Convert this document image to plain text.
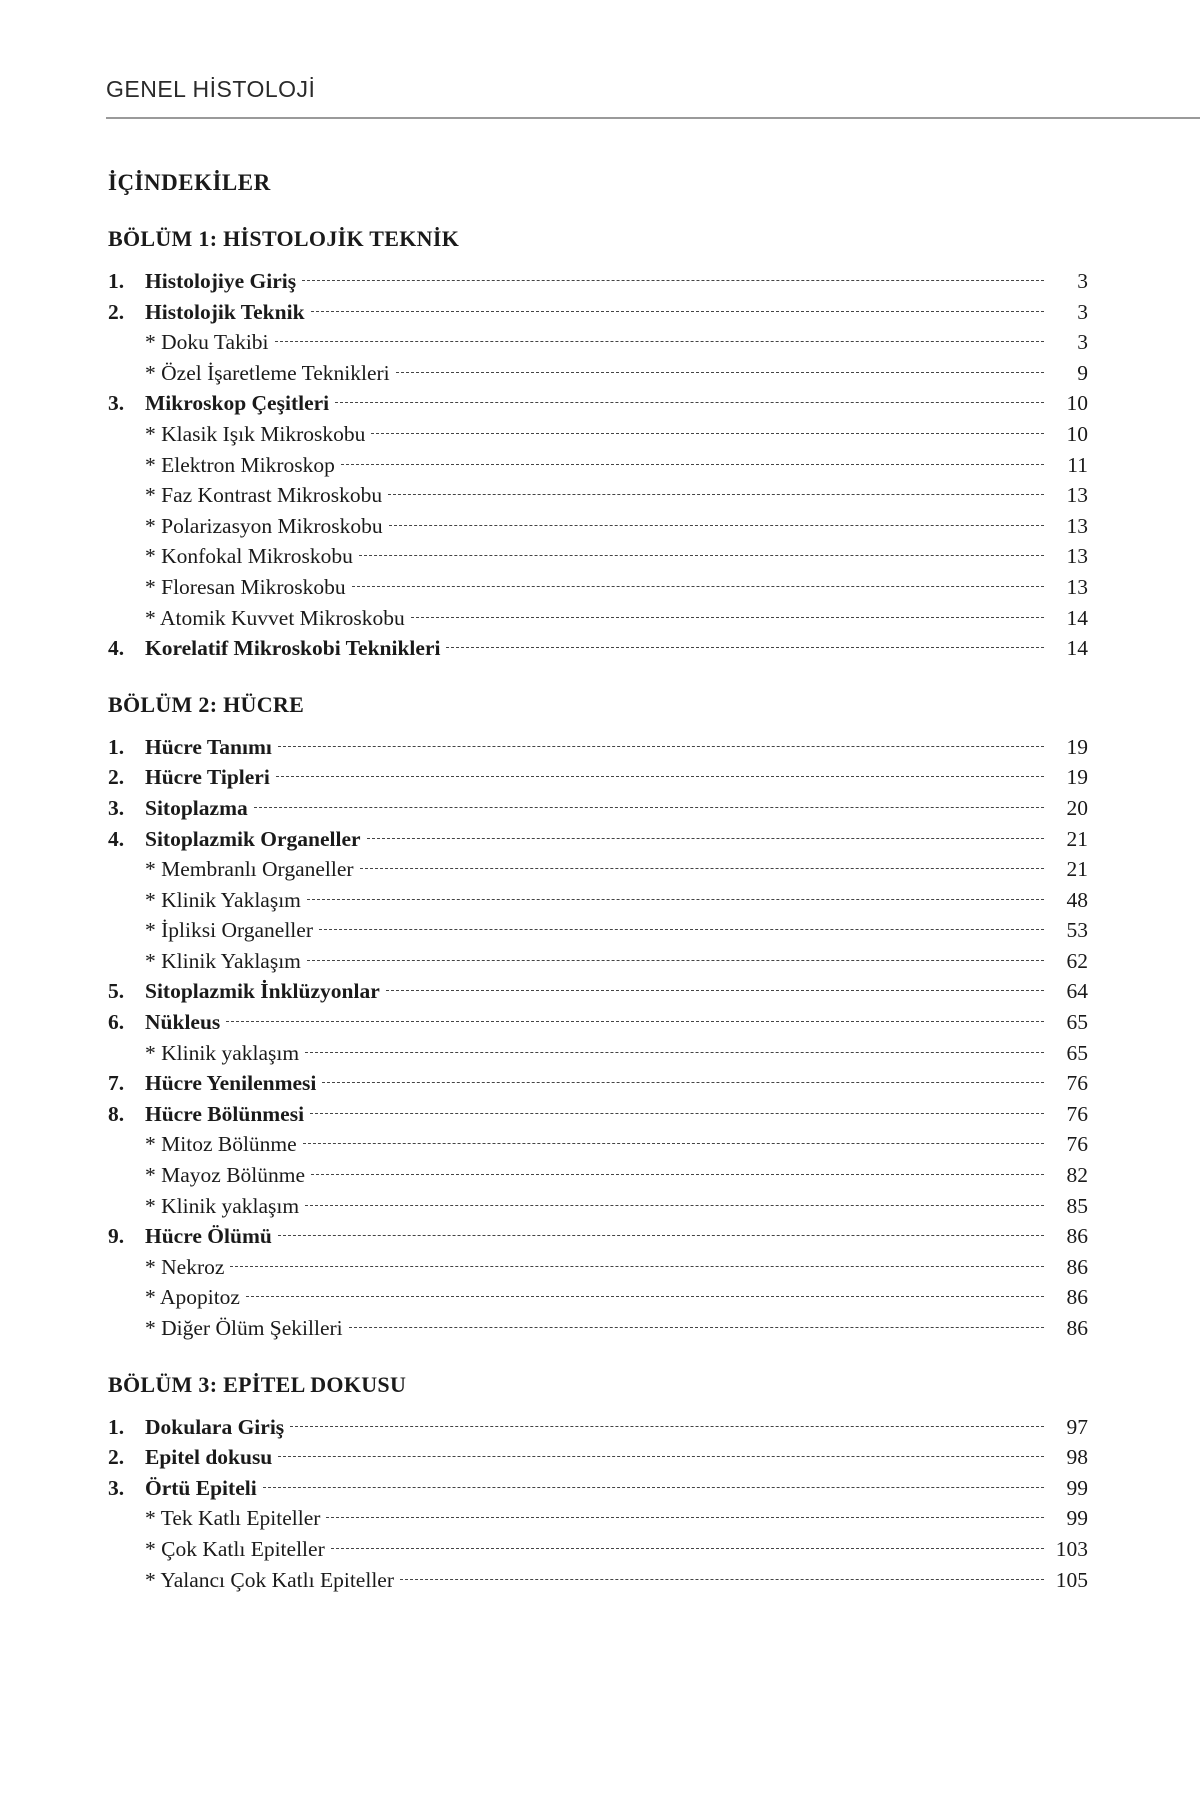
GENEL HİSTOLOJİ
İÇİNDEKİLER
BÖLÜM 1: HİSTOLOJİK TEKNİK
1. Histolojiye Giriş	3
2. Histolojik Teknik	3
* Doku Takibi	3
* Özel İşaretleme Teknikleri	9
3. Mikroskop Çeşitleri	10
* Klasik Işık Mikroskobu	10
* Elektron Mikroskop	11
* Faz Kontrast Mikroskobu	13
* Polarizasyon Mikroskobu	13
* Konfokal Mikroskobu	13
* Floresan Mikroskobu	13
* Atomik Kuvvet Mikroskobu	14
4. Korelatif Mikroskobi Teknikleri	14
BÖLÜM 2: HÜCRE
1. Hücre Tanımı	19
2. Hücre Tipleri	19
3. Sitoplazma	20
4. Sitoplazmik Organeller	21
* Membranlı Organeller	21
* Klinik Yaklaşım	48
* İpliksi Organeller	53
* Klinik Yaklaşım	62
5. Sitoplazmik İnklüzyonlar	64
6. Nükleus	65
* Klinik yaklaşım	65
7. Hücre Yenilenmesi	76
8. Hücre Bölünmesi	76
* Mitoz Bölünme	76
* Mayoz Bölünme	82
* Klinik yaklaşım	85
9. Hücre Ölümü	86
* Nekroz	86
* Apopitoz	86
* Diğer Ölüm Şekilleri	86
BÖLÜM 3: EPİTEL DOKUSU
1. Dokulara Giriş	97
2. Epitel dokusu	98
3. Örtü Epiteli	99
* Tek Katlı Epiteller	99
* Çok Katlı Epiteller	103
* Yalancı Çok Katlı Epiteller	105
